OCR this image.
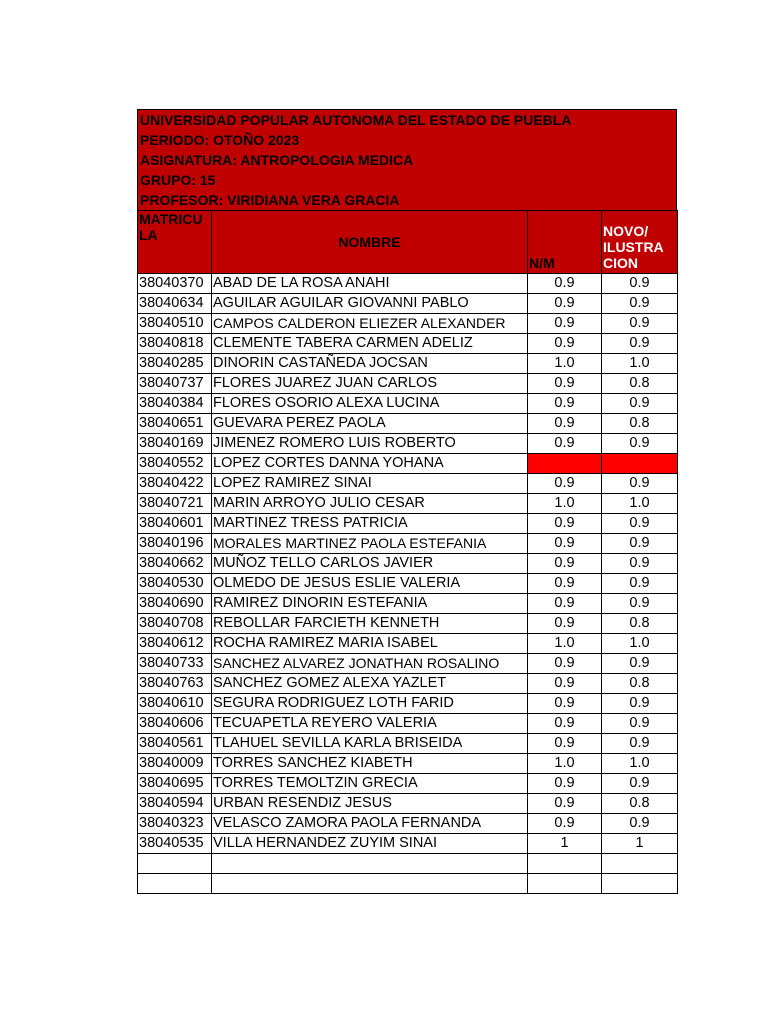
UNIVERSIDAD POPULAR AUTONOMA DEL ESTADO DE PUEBLA
PERIODO: OTOÑO 2023
ASIGNATURA: ANTROPOLOGIA MEDICA
GRUPO: 15
PROFESOR: VIRIDIANA VERA GRACIA
MATRICU LA	NOMBRE	N/M	NOVO/ ILUSTRA CION
38040370	ABAD DE LA ROSA ANAHI	0.9	0.9
38040634	AGUILAR AGUILAR GIOVANNI PABLO	0.9	0.9
38040510	CAMPOS CALDERON ELIEZER ALEXANDER	0.9	0.9
38040818	CLEMENTE TABERA CARMEN ADELIZ	0.9	0.9
38040285	DINORIN CASTAÑEDA JOCSAN	1.0	1.0
38040737	FLORES JUAREZ JUAN CARLOS	0.9	0.8
38040384	FLORES OSORIO ALEXA LUCINA	0.9	0.9
38040651	GUEVARA PEREZ PAOLA	0.9	0.8
38040169	JIMENEZ ROMERO LUIS ROBERTO	0.9	0.9
38040552	LOPEZ CORTES DANNA YOHANA		
38040422	LOPEZ RAMIREZ SINAI	0.9	0.9
38040721	MARIN ARROYO JULIO CESAR	1.0	1.0
38040601	MARTINEZ TRESS PATRICIA	0.9	0.9
38040196	MORALES MARTINEZ PAOLA ESTEFANIA	0.9	0.9
38040662	MUÑOZ TELLO CARLOS JAVIER	0.9	0.9
38040530	OLMEDO DE JESUS ESLIE VALERIA	0.9	0.9
38040690	RAMIREZ DINORIN ESTEFANIA	0.9	0.9
38040708	REBOLLAR FARCIETH KENNETH	0.9	0.8
38040612	ROCHA RAMIREZ MARIA ISABEL	1.0	1.0
38040733	SANCHEZ ALVAREZ JONATHAN ROSALINO	0.9	0.9
38040763	SANCHEZ GOMEZ ALEXA YAZLET	0.9	0.8
38040610	SEGURA RODRIGUEZ LOTH FARID	0.9	0.9
38040606	TECUAPETLA REYERO VALERIA	0.9	0.9
38040561	TLAHUEL SEVILLA KARLA BRISEIDA	0.9	0.9
38040009	TORRES SANCHEZ KIABETH	1.0	1.0
38040695	TORRES TEMOLTZIN GRECIA	0.9	0.9
38040594	URBAN RESENDIZ JESUS	0.9	0.8
38040323	VELASCO ZAMORA PAOLA FERNANDA	0.9	0.9
38040535	VILLA HERNANDEZ ZUYIM SINAI	1	1
